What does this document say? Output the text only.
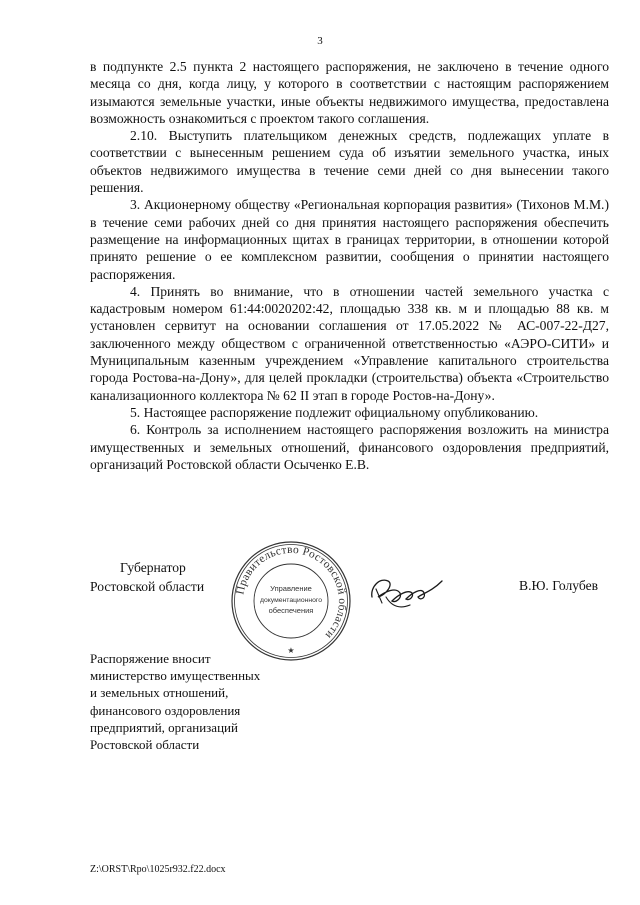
3

в подпункте 2.5 пункта 2 настоящего распоряжения, не заключено в течение одного месяца со дня, когда лицу, у которого в соответствии с настоящим распоряжением изымаются земельные участки, иные объекты недвижимого имущества, предоставлена возможность ознакомиться с проектом такого соглашения.

2.10. Выступить плательщиком денежных средств, подлежащих уплате в соответствии с вынесенным решением суда об изъятии земельного участка, иных объектов недвижимого имущества в течение семи дней со дня вынесении такого решения.

3. Акционерному обществу «Региональная корпорация развития» (Тихонов М.М.) в течение семи рабочих дней со дня принятия настоящего распоряжения обеспечить размещение на информационных щитах в границах территории, в отношении которой принято решение о ее комплексном развитии, сообщения о принятии настоящего распоряжения.

4. Принять во внимание, что в отношении частей земельного участка с кадастровым номером 61:44:0020202:42, площадью 338 кв. м и площадью 88 кв. м установлен сервитут на основании соглашения от 17.05.2022 № АС-007-22-Д27, заключенного между обществом с ограниченной ответственностью «АЭРО-СИТИ» и Муниципальным казенным учреждением «Управление капитального строительства города Ростова-на-Дону», для целей прокладки (строительства) объекта «Строительство канализационного коллектора № 62 II этап в городе Ростов-на-Дону».

5. Настоящее распоряжение подлежит официальному опубликованию.

6. Контроль за исполнением настоящего распоряжения возложить на министра имущественных и земельных отношений, финансового оздоровления предприятий, организаций Ростовской области Осыченко Е.В.

Губернатор
Ростовской области	Правительство Ростовской области
Управление
документационного
обеспечения
★
В.Ю. Голубев
Распоряжение вносит
министерство имущественных
и земельных отношений,
финансового оздоровления
предприятий, организаций
Ростовской области
Z:\ORST\Rpo\1025r932.f22.docx
